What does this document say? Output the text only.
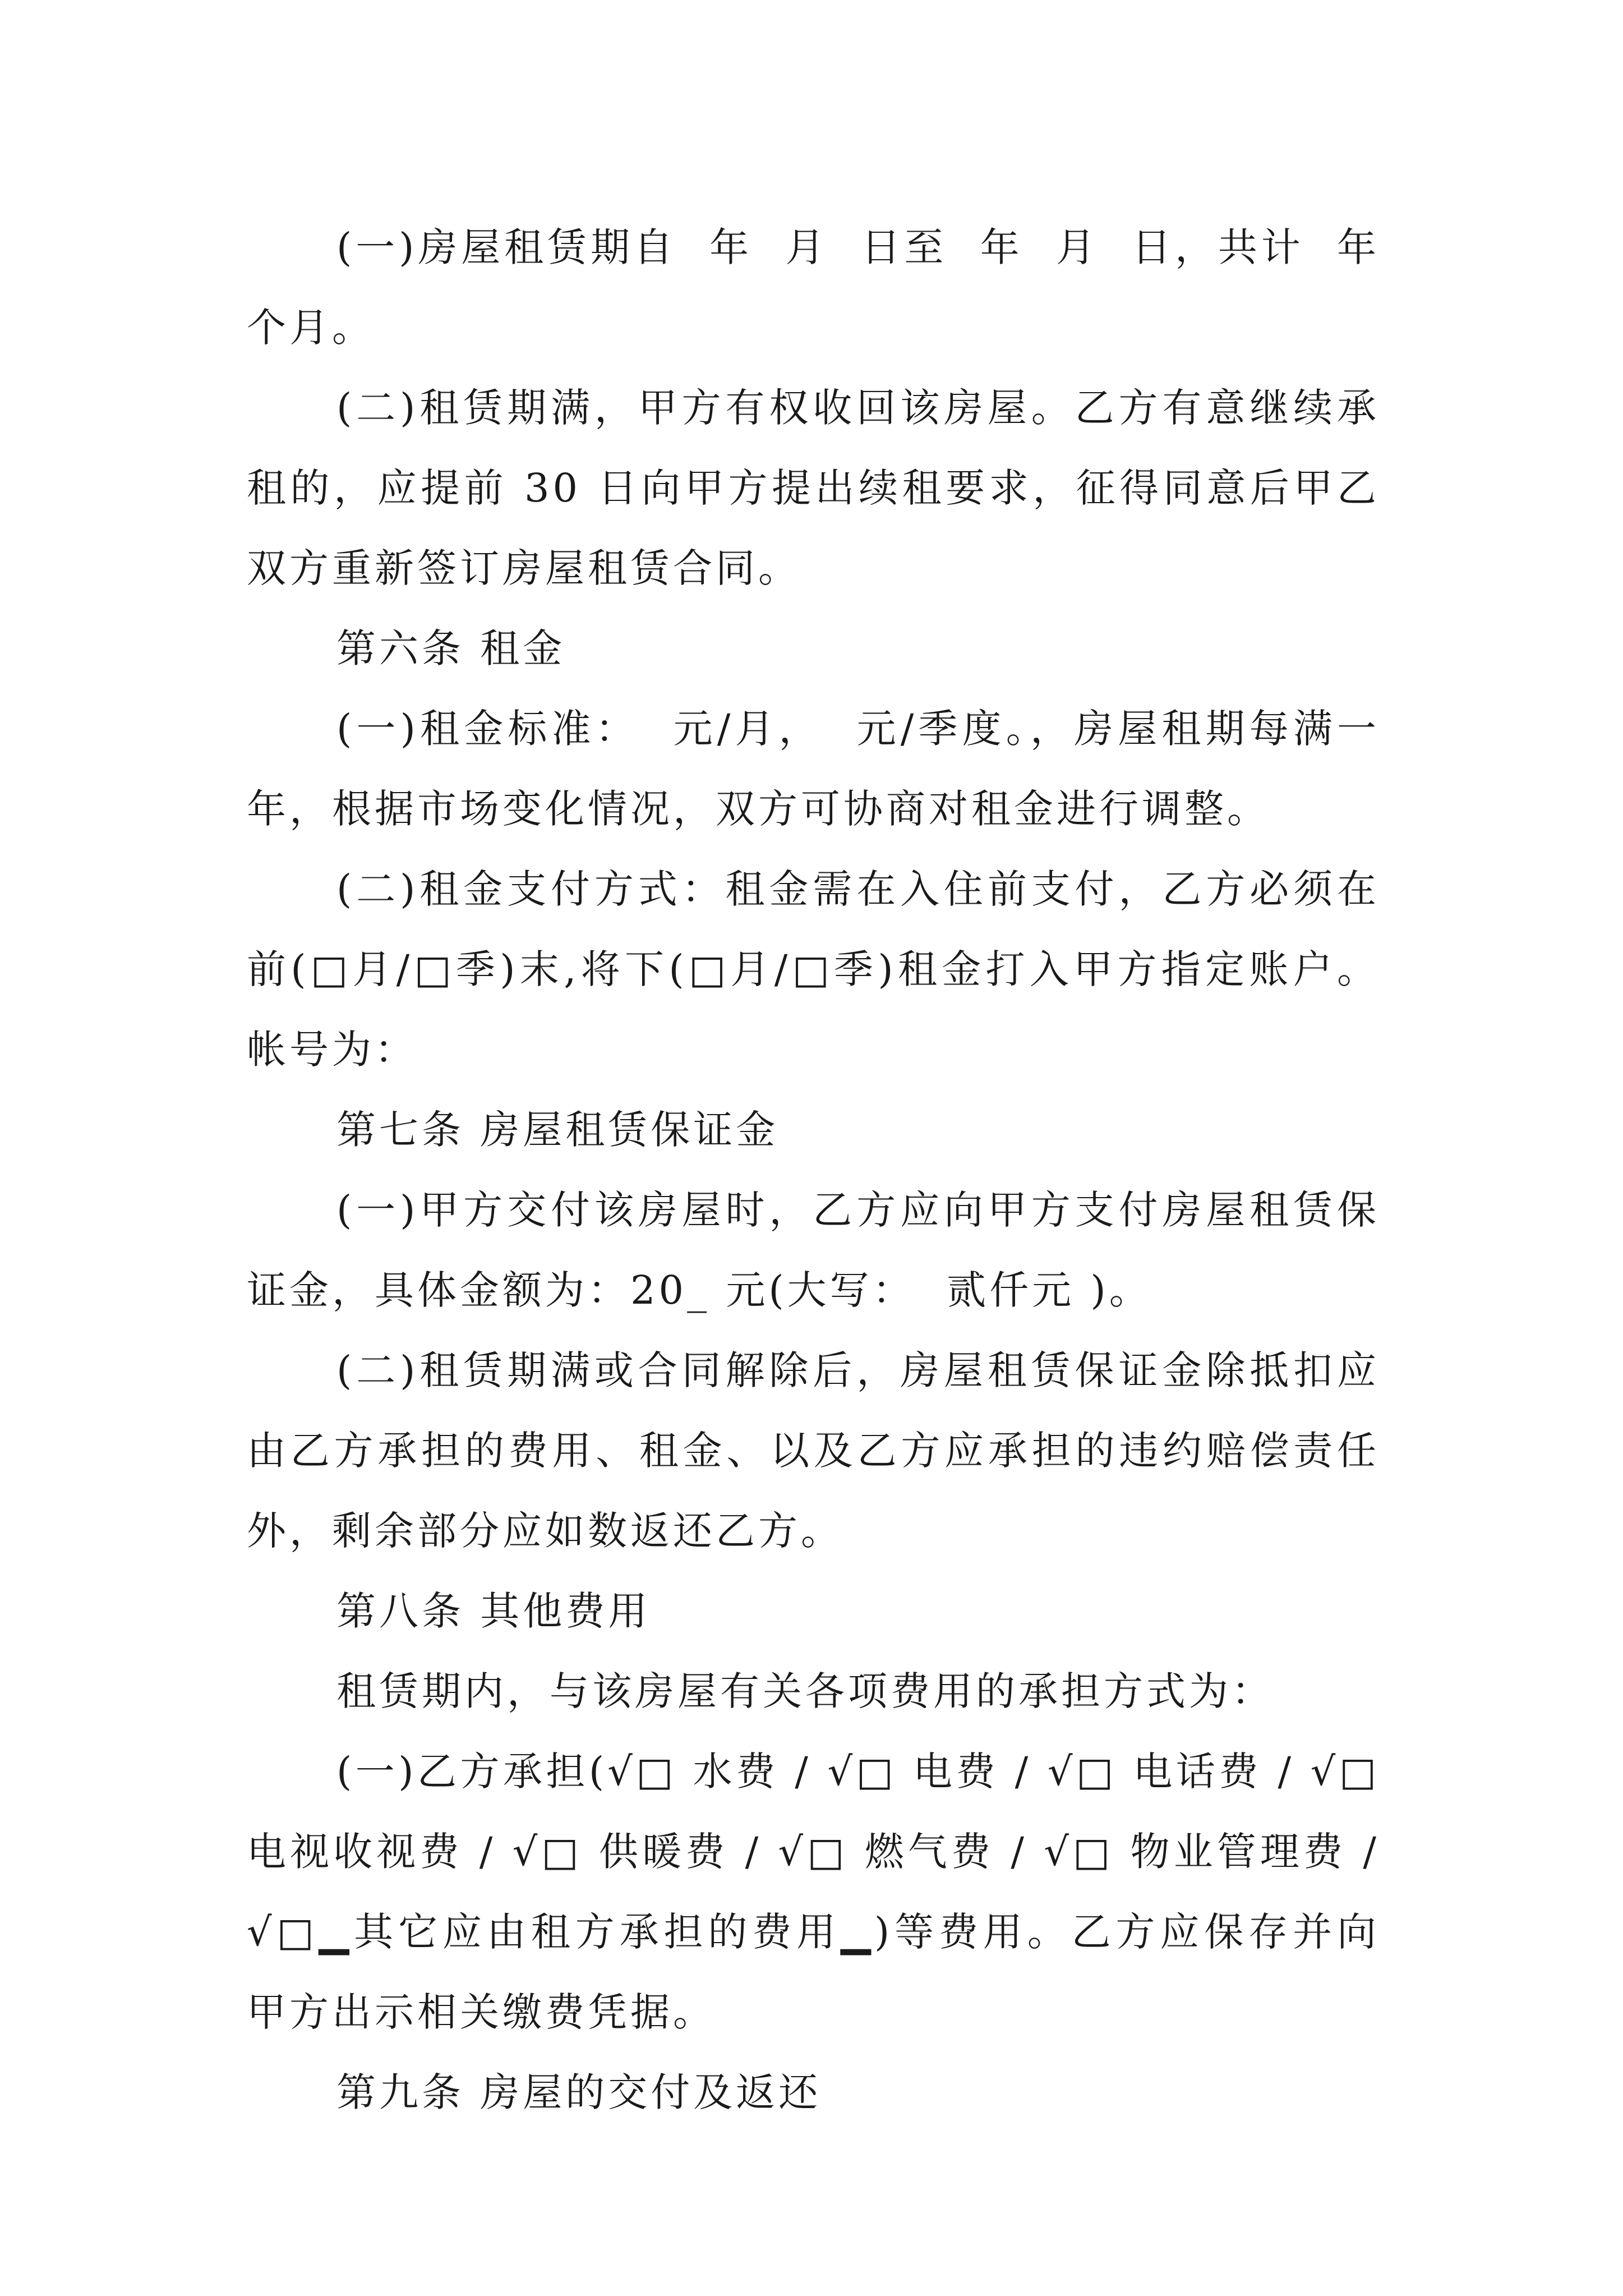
(一)房屋租赁期自  年  月  日至  年  月  日，共计  年  个月。

(二)租赁期满，甲方有权收回该房屋。乙方有意继续承租的，应提前 30 日向甲方提出续租要求，征得同意后甲乙双方重新签订房屋租赁合同。

第六条 租金

(一)租金标准：  元/月，  元/季度。，房屋租期每满一年，根据市场变化情况，双方可协商对租金进行调整。

(二)租金支付方式：租金需在入住前支付，乙方必须在前(□月/□季)末,将下(□月/□季)租金打入甲方指定账户。帐号为：

第七条 房屋租赁保证金

(一)甲方交付该房屋时，乙方应向甲方支付房屋租赁保证金，具体金额为：20_ 元(大写：  贰仟元 )。

(二)租赁期满或合同解除后，房屋租赁保证金除抵扣应由乙方承担的费用、租金、以及乙方应承担的违约赔偿责任外，剩余部分应如数返还乙方。

第八条 其他费用

租赁期内，与该房屋有关各项费用的承担方式为：

(一)乙方承担(√□ 水费 / √□ 电费 / √□ 电话费 / √□ 电视收视费 / √□ 供暖费 / √□ 燃气费 / √□ 物业管理费 /√□▁其它应由租方承担的费用▁)等费用。乙方应保存并向甲方出示相关缴费凭据。

第九条 房屋的交付及返还
